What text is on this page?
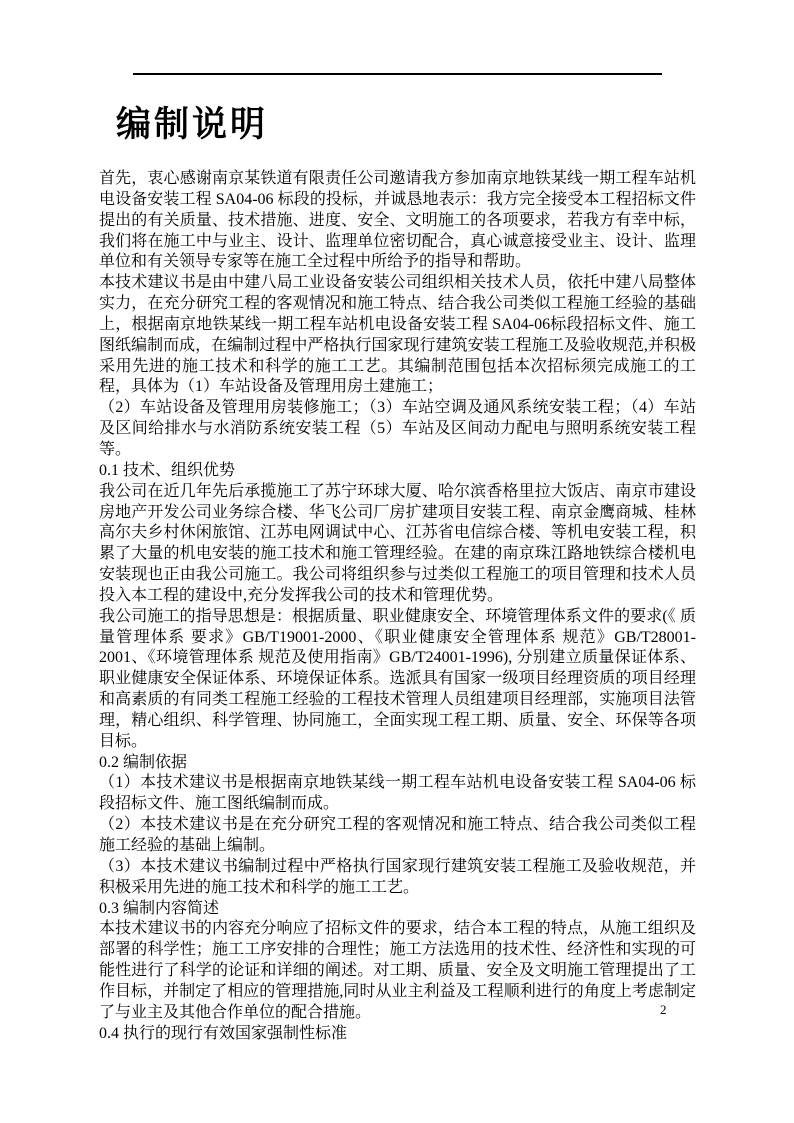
编制说明
首先，衷心感谢南京某铁道有限责任公司邀请我方参加南京地铁某线一期工程车站机电设备安装工程 SA04-06 标段的投标，并诚恳地表示：我方完全接受本工程招标文件提出的有关质量、技术措施、进度、安全、文明施工的各项要求，若我方有幸中标，我们将在施工中与业主、设计、监理单位密切配合，真心诚意接受业主、设计、监理单位和有关领导专家等在施工全过程中所给予的指导和帮助。
本技术建议书是由中建八局工业设备安装公司组织相关技术人员，依托中建八局整体实力，在充分研究工程的客观情况和施工特点、结合我公司类似工程施工经验的基础上，根据南京地铁某线一期工程车站机电设备安装工程 SA04-06标段招标文件、施工图纸编制而成，在编制过程中严格执行国家现行建筑安装工程施工及验收规范,并积极采用先进的施工技术和科学的施工工艺。其编制范围包括本次招标须完成施工的工程，具体为（1）车站设备及管理用房土建施工；
（2）车站设备及管理用房装修施工；（3）车站空调及通风系统安装工程；（4）车站及区间给排水与水消防系统安装工程（5）车站及区间动力配电与照明系统安装工程等。
0.1 技术、组织优势
我公司在近几年先后承揽施工了苏宁环球大厦、哈尔滨香格里拉大饭店、南京市建设房地产开发公司业务综合楼、华飞公司厂房扩建项目安装工程、南京金鹰商城、桂林高尔夫乡村休闲旅馆、江苏电网调试中心、江苏省电信综合楼、等机电安装工程，积累了大量的机电安装的施工技术和施工管理经验。在建的南京珠江路地铁综合楼机电安装现也正由我公司施工。我公司将组织参与过类似工程施工的项目管理和技术人员投入本工程的建设中,充分发挥我公司的技术和管理优势。
我公司施工的指导思想是：根据质量、职业健康安全、环境管理体系文件的要求(《 质量管理体系 要求》GB/T19001-2000、《职业健康安全管理体系 规范》GB/T28001-2001、《环境管理体系 规范及使用指南》GB/T24001-1996), 分别建立质量保证体系、职业健康安全保证体系、环境保证体系。选派具有国家一级项目经理资质的项目经理和高素质的有同类工程施工经验的工程技术管理人员组建项目经理部，实施项目法管理，精心组织、科学管理、协同施工，全面实现工程工期、质量、安全、环保等各项目标。
0.2 编制依据
（1）本技术建议书是根据南京地铁某线一期工程车站机电设备安装工程 SA04-06 标段招标文件、施工图纸编制而成。
（2）本技术建议书是在充分研究工程的客观情况和施工特点、结合我公司类似工程施工经验的基础上编制。
（3）本技术建议书编制过程中严格执行国家现行建筑安装工程施工及验收规范，并积极采用先进的施工技术和科学的施工工艺。
0.3 编制内容简述
本技术建议书的内容充分响应了招标文件的要求，结合本工程的特点，从施工组织及部署的科学性；施工工序安排的合理性；施工方法选用的技术性、经济性和实现的可能性进行了科学的论证和详细的阐述。对工期、质量、安全及文明施工管理提出了工作目标，并制定了相应的管理措施,同时从业主利益及工程顺利进行的角度上考虑制定了与业主及其他合作单位的配合措施。
0.4 执行的现行有效国家强制性标准
2
